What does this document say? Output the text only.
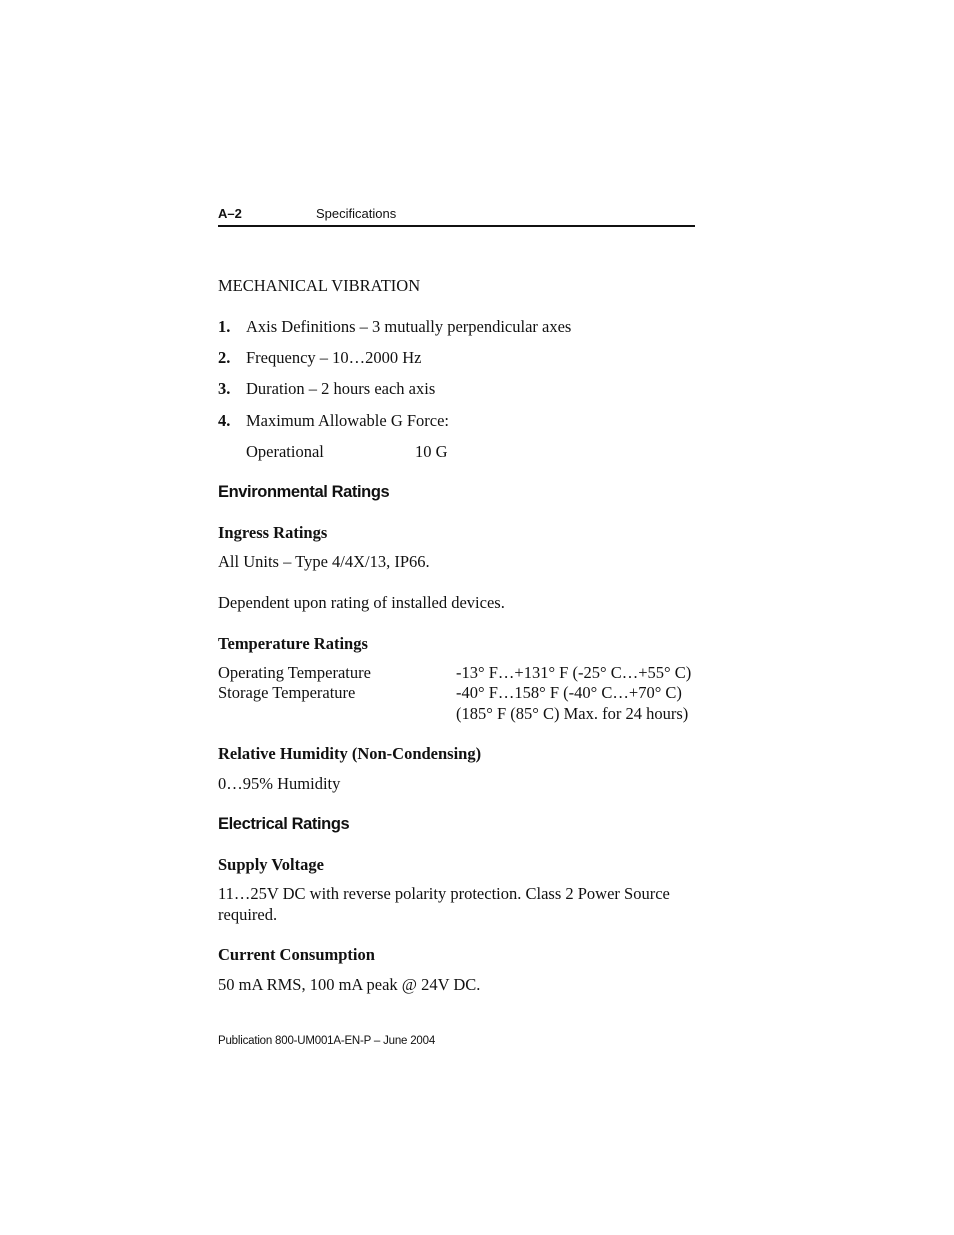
A–2	Specifications
MECHANICAL VIBRATION
1. Axis Definitions – 3 mutually perpendicular axes
2. Frequency – 10…2000 Hz
3. Duration – 2 hours each axis
4. Maximum Allowable G Force:
Operational	10 G
Environmental Ratings
Ingress Ratings
All Units – Type 4/4X/13, IP66.
Dependent upon rating of installed devices.
Temperature Ratings
Operating Temperature	-13° F…+131° F (-25° C…+55° C)
Storage Temperature	-40° F…158° F (-40° C…+70° C)
(185° F (85° C) Max. for 24 hours)
Relative Humidity (Non-Condensing)
0…95% Humidity
Electrical Ratings
Supply Voltage
11…25V DC with reverse polarity protection. Class 2 Power Source required.
Current Consumption
50 mA RMS, 100 mA peak @ 24V DC.
Publication 800-UM001A-EN-P – June 2004
